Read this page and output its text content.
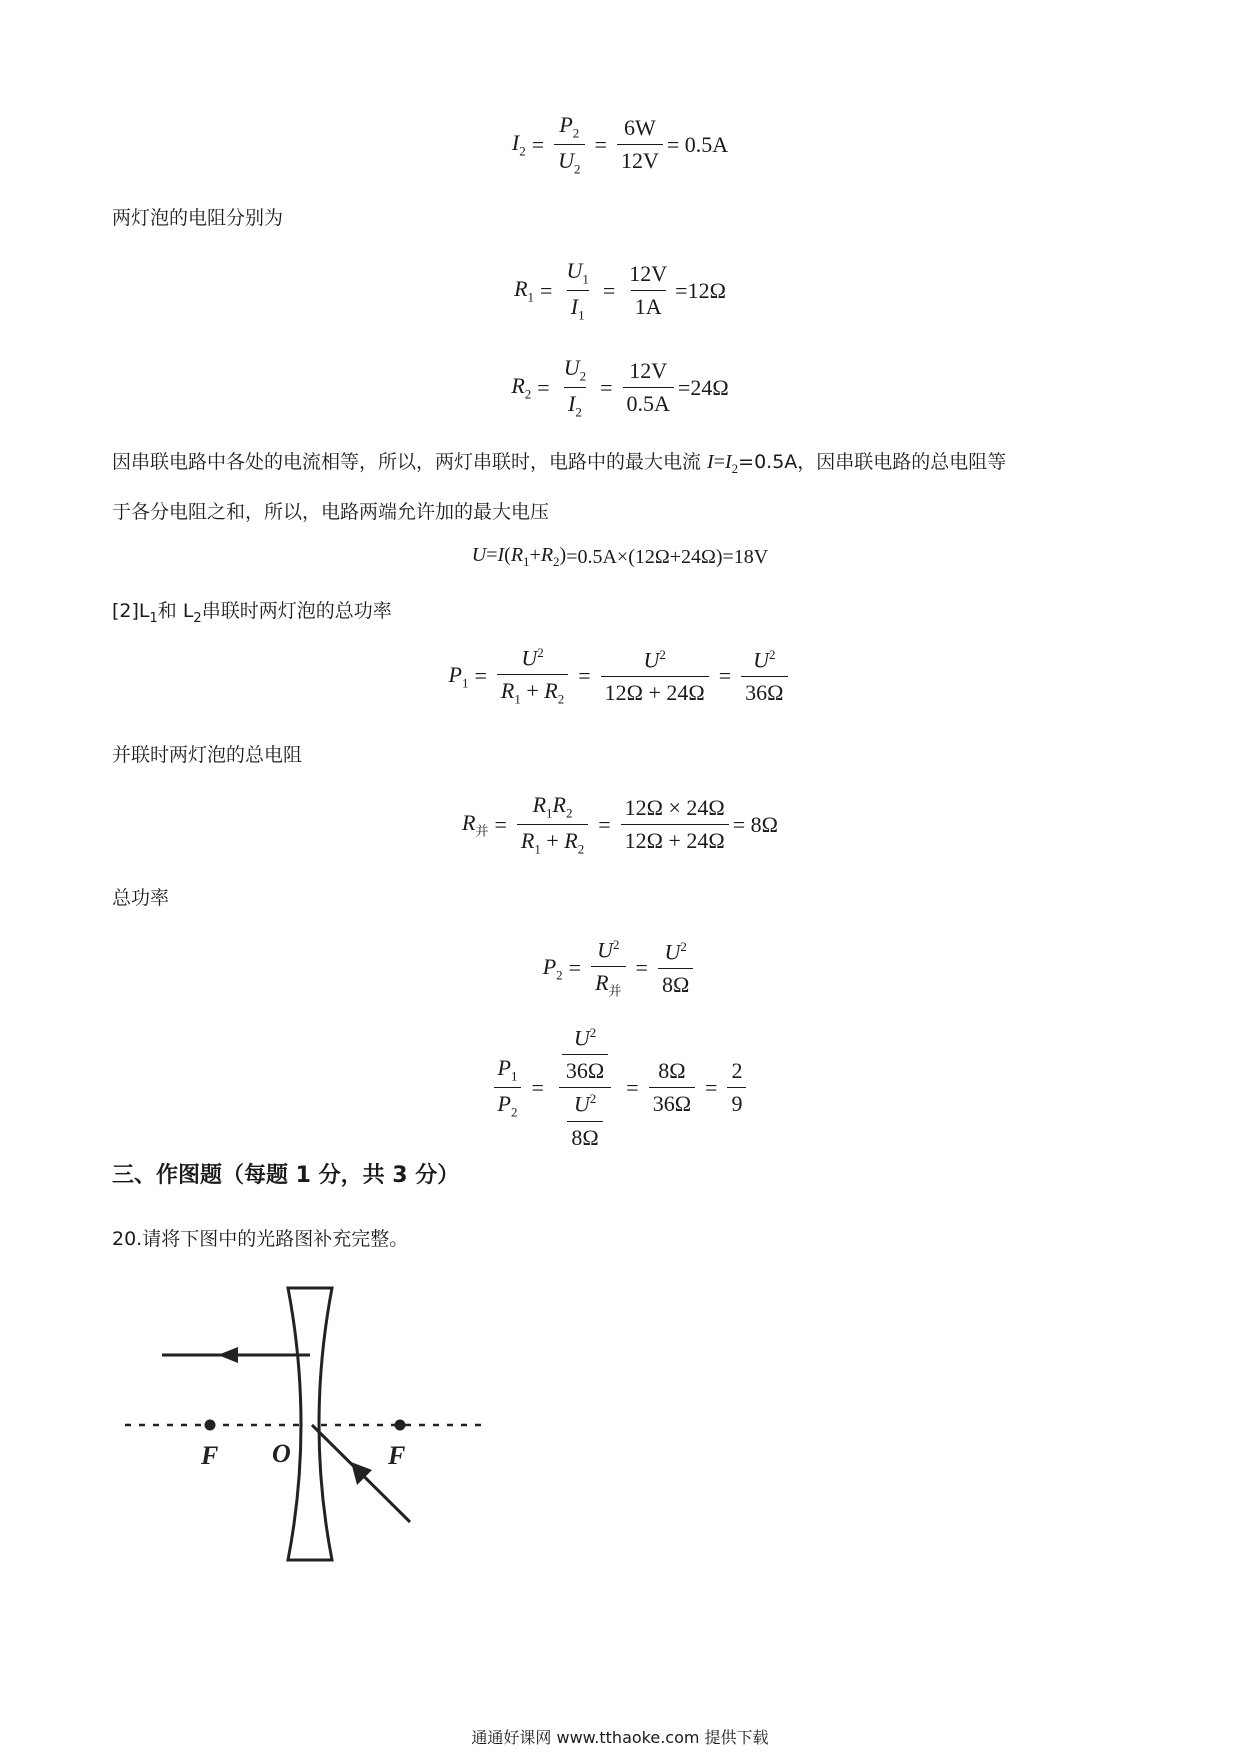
$I_2 = \frac{P_2}{U_2} = \frac{6W}{12V} = 0.5A$
两灯泡的电阻分别为
$R_1 = \frac{U_1}{I_1} = \frac{12V}{1A} =12\Omega$
$R_2 = \frac{U_2}{I_2} = \frac{12V}{0.5A} =24\Omega$
因串联电路中各处的电流相等，所以，两灯串联时，电路中的最大电流 $I=I_2=0.5A$，因串联电路的总电阻等
于各分电阻之和，所以，电路两端允许加的最大电压
$U=I(R_1+R_2) =0.5A\times(12\Omega+24\Omega)=18V$
$[2]L_1$和 $L_2$串联时两灯泡的总功率
$P_1 = \frac{U^2}{R_1 + R_2} = \frac{U^2}{12\Omega + 24\Omega} = \frac{U^2}{36\Omega}$
并联时两灯泡的总电阻
$R_并 = \frac{R_1R_2}{R_1 + R_2} = \frac{12\Omega \times 24\Omega}{12\Omega + 24\Omega} = 8\Omega$
总功率
$P_2 = \frac{U^2}{R_并} = \frac{U^2}{8\Omega}$
$\frac{P_1}{P_2} = \frac{\frac{U^2}{36\Omega}}{\frac{U^2}{8\Omega}} = \frac{8\Omega}{36\Omega} = \frac{2}{9}$
三、作图题（每题 1 分，共 3 分）
20.请将下图中的光路图补充完整。
F	F
O
通通好课网 www.tthaoke.com 提供下载
